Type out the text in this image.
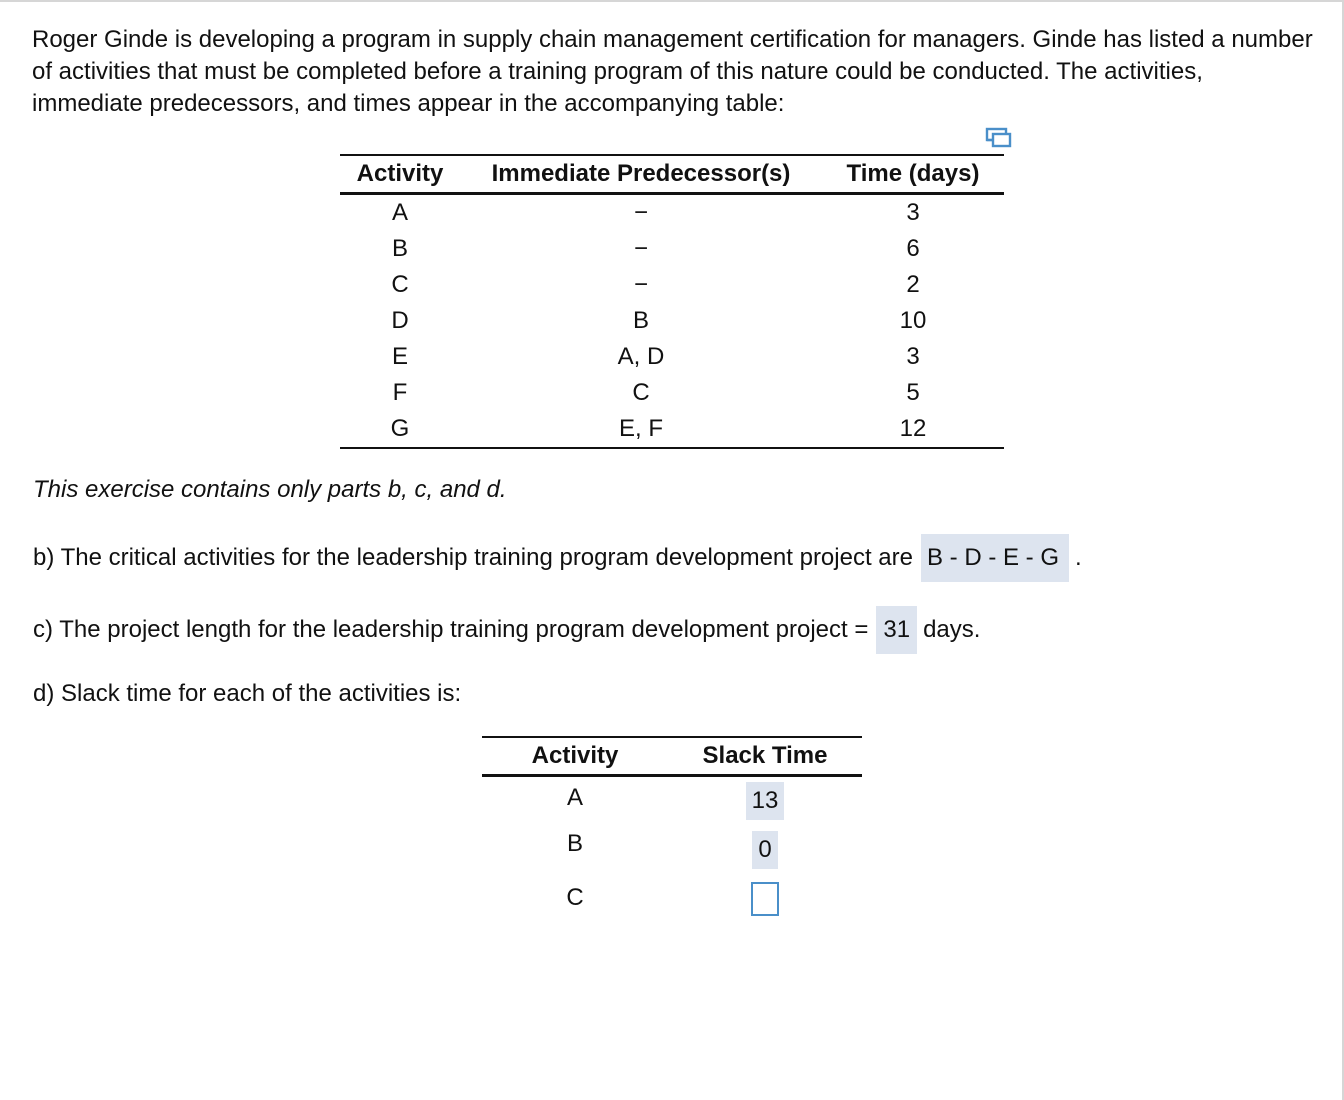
Roger Ginde is developing a program in supply chain management certification for managers. Ginde has listed a number of activities that must be completed before a training program of this nature could be conducted. The activities, immediate predecessors, and times appear in the accompanying table:

Activity	Immediate Predecessor(s)	Time (days)
A	−	3
B	−	6
C	−	2
D	B	10
E	A, D	3
F	C	5
G	E, F	12

This exercise contains only parts b, c, and d.

b) The critical activities for the leadership training program development project are B - D - E - G .

c) The project length for the leadership training program development project = 31 days.

d) Slack time for each of the activities is:

Activity	Slack Time
A	13
B	0
C
